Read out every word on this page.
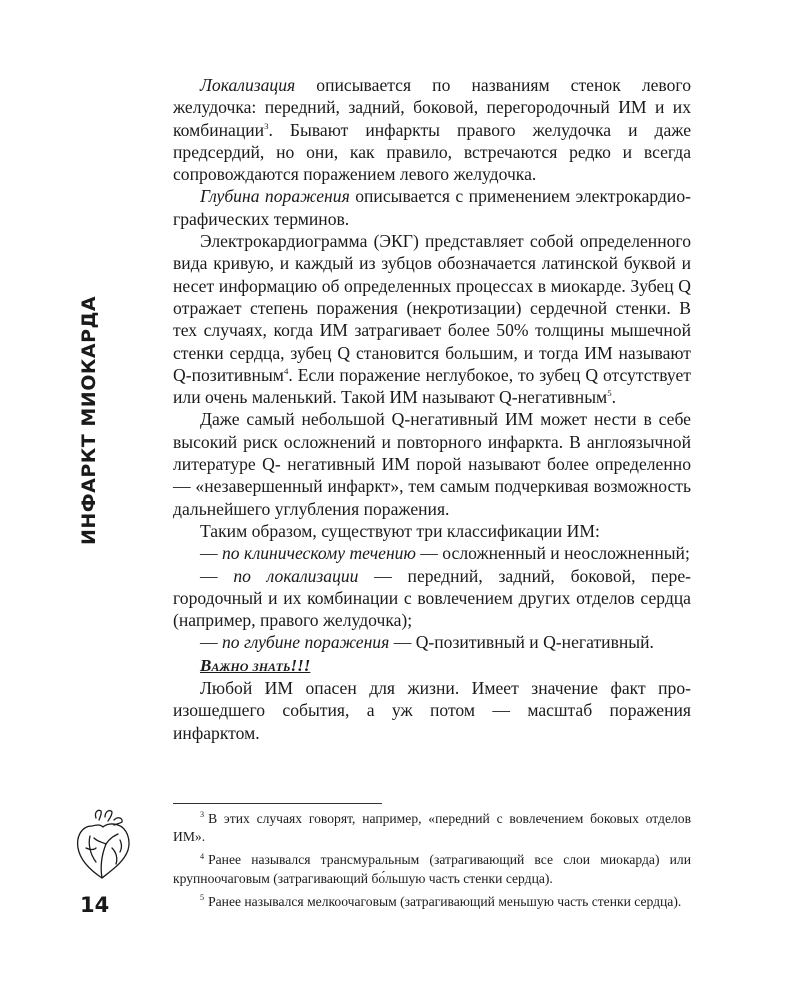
ИНФАРКТ МИОКАРДА
14

Локализация описывается по названиям стенок левого желудочка: передний, задний, боковой, перегородочный ИМ и их комбинации$^3$. Бывают инфаркты правого желудочка и даже предсердий, но они, как правило, встречаются редко и всегда сопровождаются поражением левого желудочка.

Глубина поражения описывается с применением электрокардиографических терминов.

Электрокардиограмма (ЭКГ) представляет собой определенного вида кривую, и каждый из зубцов обозначается латинской буквой и несет информацию об определенных процессах в миокарде. Зубец Q отражает степень поражения (некротизации) сердечной стенки. В тех случаях, когда ИМ затрагивает более 50% толщины мышечной стенки сердца, зубец Q становится большим, и тогда ИМ называют Q-позитивным$^4$. Если поражение неглубокое, то зубец Q отсутствует или очень маленький. Такой ИМ называют Q-негативным$^5$.

Даже самый небольшой Q-негативный ИМ может нести в себе высокий риск осложнений и повторного инфаркта. В англоязычной литературе Q- негативный ИМ порой называют более определенно — «незавершенный инфаркт», тем самым подчеркивая возможность дальнейшего углубления поражения.

Таким образом, существуют три классификации ИМ:

— по клиническому течению — осложненный и неосложненный;

— по локализации — передний, задний, боковой, перегородочный и их комбинации с вовлечением других отделов сердца (например, правого желудочка);

— по глубине поражения — Q-позитивный и Q-негативный.

Важно знать!!!

Любой ИМ опасен для жизни. Имеет значение факт произошедшего события, а уж потом — масштаб поражения инфарктом.

$^3$ В этих случаях говорят, например, «передний с вовлечением боковых отделов ИМ».

$^4$ Ранее назывался трансмуральным (затрагивающий все слои миокарда) или крупноочаговым (затрагивающий бо́льшую часть стенки сердца).

$^5$ Ранее назывался мелкоочаговым (затрагивающий меньшую часть стенки сердца).
